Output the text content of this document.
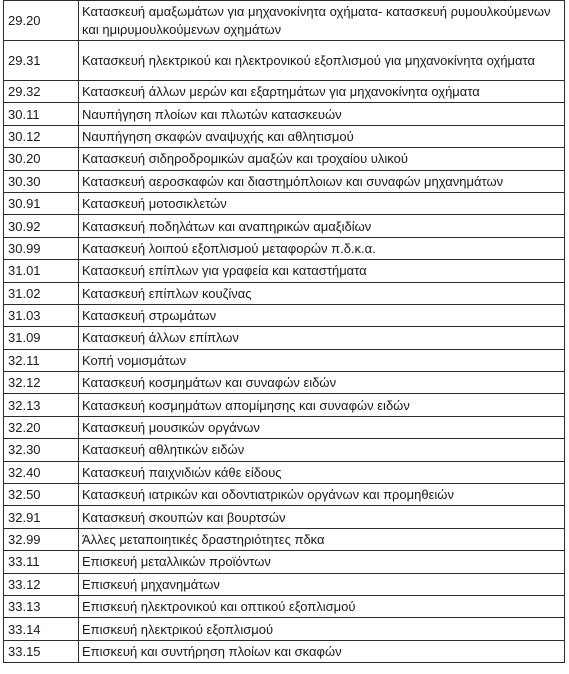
29.20	Κατασκευή αμαξωμάτων για μηχανοκίνητα οχήματα- κατασκευή ρυμουλκούμενων και ημιρυμουλκούμενων οχημάτων
29.31	Κατασκευή ηλεκτρικού και ηλεκτρονικού εξοπλισμού για μηχανοκίνητα οχήματα
29.32	Κατασκευή άλλων μερών και εξαρτημάτων για μηχανοκίνητα οχήματα
30.11	Ναυπήγηση πλοίων και πλωτών κατασκευών
30.12	Ναυπήγηση σκαφών αναψυχής και αθλητισμού
30.20	Κατασκευή σιδηροδρομικών αμαξών και τροχαίου υλικού
30.30	Κατασκευή αεροσκαφών και διαστημόπλοιων και συναφών μηχανημάτων
30.91	Κατασκευή μοτοσικλετών
30.92	Κατασκευή ποδηλάτων και αναπηρικών αμαξιδίων
30.99	Κατασκευή λοιπού εξοπλισμού μεταφορών π.δ.κ.α.
31.01	Κατασκευή επίπλων για γραφεία και καταστήματα
31.02	Κατασκευή επίπλων κουζίνας
31.03	Κατασκευή στρωμάτων
31.09	Κατασκευή άλλων επίπλων
32.11	Κοπή νομισμάτων
32.12	Κατασκευή κοσμημάτων και συναφών ειδών
32.13	Κατασκευή κοσμημάτων απομίμησης και συναφών ειδών
32.20	Κατασκευή μουσικών οργάνων
32.30	Κατασκευή αθλητικών ειδών
32.40	Κατασκευή παιχνιδιών κάθε είδους
32.50	Κατασκευή ιατρικών και οδοντιατρικών οργάνων και προμηθειών
32.91	Κατασκευή σκουπών και βουρτσών
32.99	Άλλες μεταποιητικές δραστηριότητες πδκα
33.11	Επισκευή μεταλλικών προϊόντων
33.12	Επισκευή μηχανημάτων
33.13	Επισκευή ηλεκτρονικού και οπτικού εξοπλισμού
33.14	Επισκευή ηλεκτρικού εξοπλισμού
33.15	Επισκευή και συντήρηση πλοίων και σκαφών
